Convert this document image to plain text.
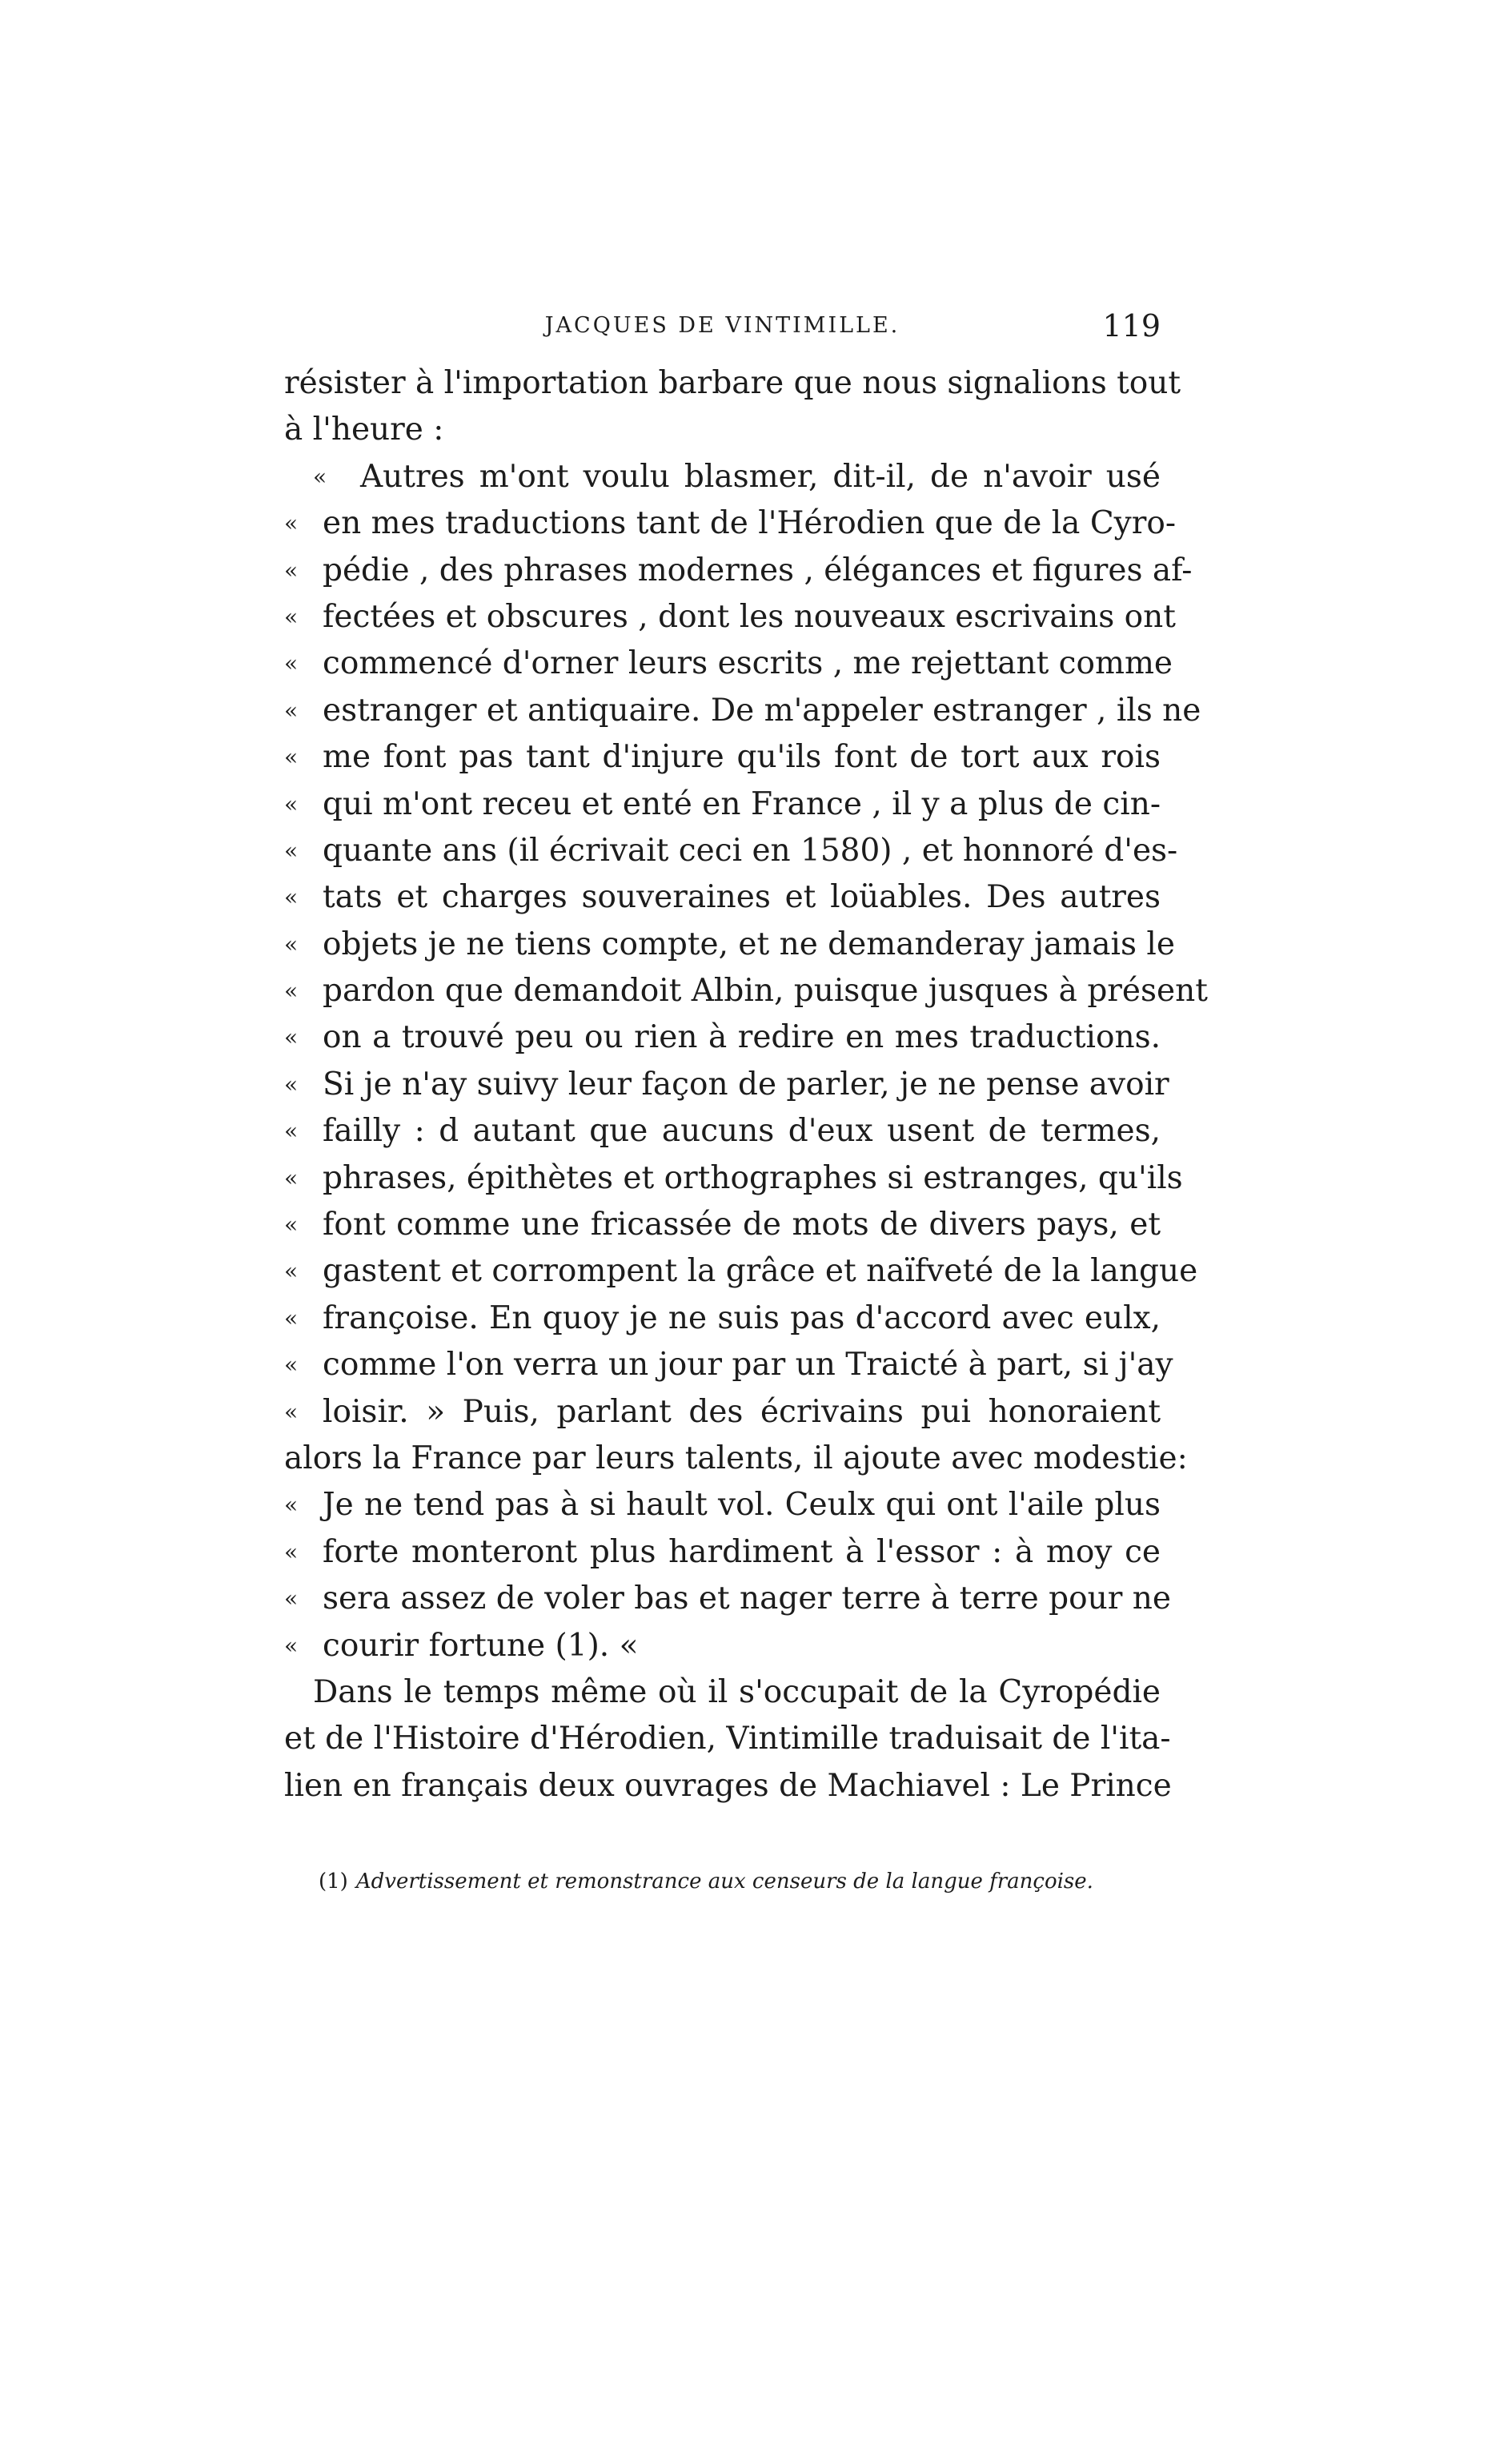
JACQUES DE VINTIMILLE.	119
résister à l'importation barbare que nous signalions tout
à l'heure :
« Autres m'ont voulu blasmer, dit-il, de n'avoir usé
« en mes traductions tant de l'Hérodien que de la Cyro-
« pédie , des phrases modernes , élégances et figures af-
« fectées et obscures , dont les nouveaux escrivains ont
« commencé d'orner leurs escrits , me rejettant comme
« estranger et antiquaire. De m'appeler estranger , ils ne
« me font pas tant d'injure qu'ils font de tort aux rois
« qui m'ont receu et enté en France , il y a plus de cin-
« quante ans (il écrivait ceci en 1580) , et honnoré d'es-
« tats et charges souveraines et loüables. Des autres
« objets je ne tiens compte, et ne demanderay jamais le
« pardon que demandoit Albin, puisque jusques à présent
« on a trouvé peu ou rien à redire en mes traductions.
« Si je n'ay suivy leur façon de parler, je ne pense avoir
« failly : d autant que aucuns d'eux usent de termes,
« phrases, épithètes et orthographes si estranges, qu'ils
« font comme une fricassée de mots de divers pays, et
« gastent et corrompent la grâce et naïfveté de la langue
« françoise. En quoy je ne suis pas d'accord avec eulx,
« comme l'on verra un jour par un Traicté à part, si j'ay
« loisir. » Puis, parlant des écrivains pui honoraient
alors la France par leurs talents, il ajoute avec modestie:
« Je ne tend pas à si hault vol. Ceulx qui ont l'aile plus
« forte monteront plus hardiment à l'essor : à moy ce
« sera assez de voler bas et nager terre à terre pour ne
« courir fortune (1). «
Dans le temps même où il s'occupait de la Cyropédie
et de l'Histoire d'Hérodien, Vintimille traduisait de l'ita-
lien en français deux ouvrages de Machiavel : Le Prince
(1) Advertissement et remonstrance aux censeurs de la langue françoise.
